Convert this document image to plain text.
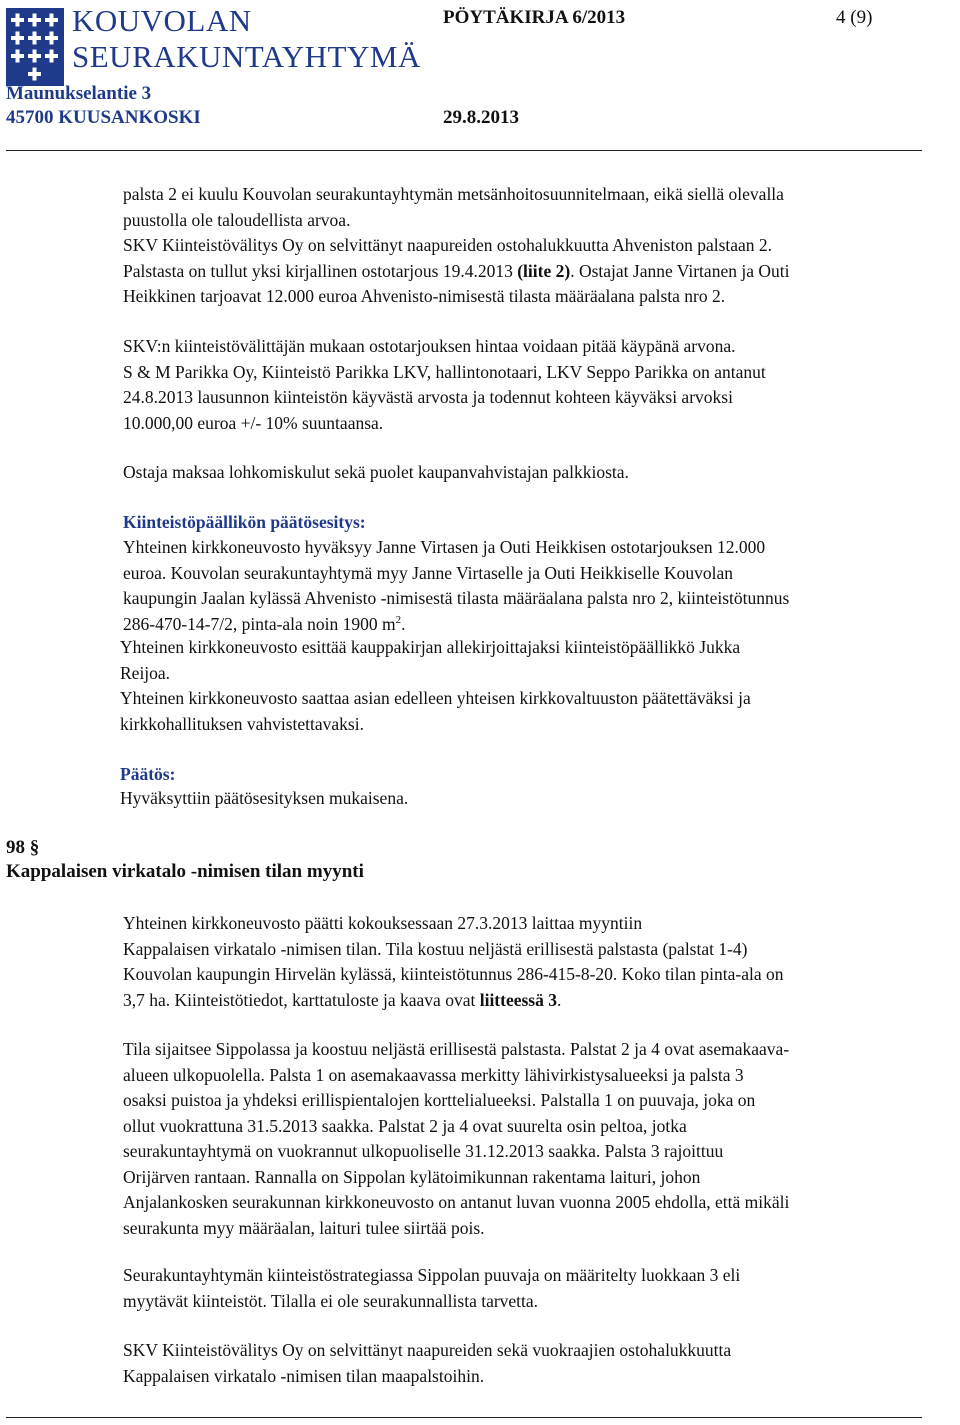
KOUVOLAN
SEURAKUNTAYHTYMÄ
PÖYTÄKIRJA 6/2013	4 (9)
Maunukselantie 3
45700 KUUSANKOSKI	29.8.2013
palsta 2 ei kuulu Kouvolan seurakuntayhtymän metsänhoitosuunnitelmaan, eikä siellä olevalla
puustolla ole taloudellista arvoa.
SKV Kiinteistövälitys Oy on selvittänyt naapureiden ostohalukkuutta Ahveniston palstaan 2.
Palstasta on tullut yksi kirjallinen ostotarjous 19.4.2013 (liite 2). Ostajat Janne Virtanen ja Outi
Heikkinen tarjoavat 12.000 euroa Ahvenisto-nimisestä tilasta määräalana palsta nro 2.
SKV:n kiinteistövälittäjän mukaan ostotarjouksen hintaa voidaan pitää käypänä arvona.
S & M Parikka Oy, Kiinteistö Parikka LKV, hallintonotaari, LKV Seppo Parikka on antanut
24.8.2013 lausunnon kiinteistön käyvästä arvosta ja todennut kohteen käyväksi arvoksi
10.000,00 euroa +/- 10% suuntaansa.
Ostaja maksaa lohkomiskulut sekä puolet kaupanvahvistajan palkkiosta.
Kiinteistöpäällikön päätösesitys:
Yhteinen kirkkoneuvosto hyväksyy Janne Virtasen ja Outi Heikkisen ostotarjouksen 12.000
euroa. Kouvolan seurakuntayhtymä myy Janne Virtaselle ja Outi Heikkiselle Kouvolan
kaupungin Jaalan kylässä Ahvenisto -nimisestä tilasta määräalana palsta nro 2, kiinteistötunnus
286-470-14-7/2, pinta-ala noin 1900 $m^2$.
Yhteinen kirkkoneuvosto esittää kauppakirjan allekirjoittajaksi kiinteistöpäällikkö Jukka
Reijoa.
Yhteinen kirkkoneuvosto saattaa asian edelleen yhteisen kirkkovaltuuston päätettäväksi ja
kirkkohallituksen vahvistettavaksi.
Päätös:
Hyväksyttiin päätösesityksen mukaisena.
98 §
Kappalaisen virkatalo -nimisen tilan myynti
Yhteinen kirkkoneuvosto päätti kokouksessaan 27.3.2013 laittaa myyntiin
Kappalaisen virkatalo -nimisen tilan. Tila kostuu neljästä erillisestä palstasta (palstat 1-4)
Kouvolan kaupungin Hirvelän kylässä, kiinteistötunnus 286-415-8-20. Koko tilan pinta-ala on
3,7 ha. Kiinteistötiedot, karttatuloste ja kaava ovat liitteessä 3.
Tila sijaitsee Sippolassa ja koostuu neljästä erillisestä palstasta. Palstat 2 ja 4 ovat asemakaava-
alueen ulkopuolella. Palsta 1 on asemakaavassa merkitty lähivirkistysalueeksi ja palsta 3
osaksi puistoa ja yhdeksi erillispientalojen korttelialueeksi. Palstalla 1 on puuvaja, joka on
ollut vuokrattuna 31.5.2013 saakka. Palstat 2 ja 4 ovat suurelta osin peltoa, jotka
seurakuntayhtymä on vuokrannut ulkopuoliselle 31.12.2013 saakka. Palsta 3 rajoittuu
Orijärven rantaan. Rannalla on Sippolan kylätoimikunnan rakentama laituri, johon
Anjalankosken seurakunnan kirkkoneuvosto on antanut luvan vuonna 2005 ehdolla, että mikäli
seurakunta myy määräalan, laituri tulee siirtää pois.
Seurakuntayhtymän kiinteistöstrategiassa Sippolan puuvaja on määritelty luokkaan 3 eli
myytävät kiinteistöt. Tilalla ei ole seurakunnallista tarvetta.
SKV Kiinteistövälitys Oy on selvittänyt naapureiden sekä vuokraajien ostohalukkuutta
Kappalaisen virkatalo -nimisen tilan maapalstoihin.
